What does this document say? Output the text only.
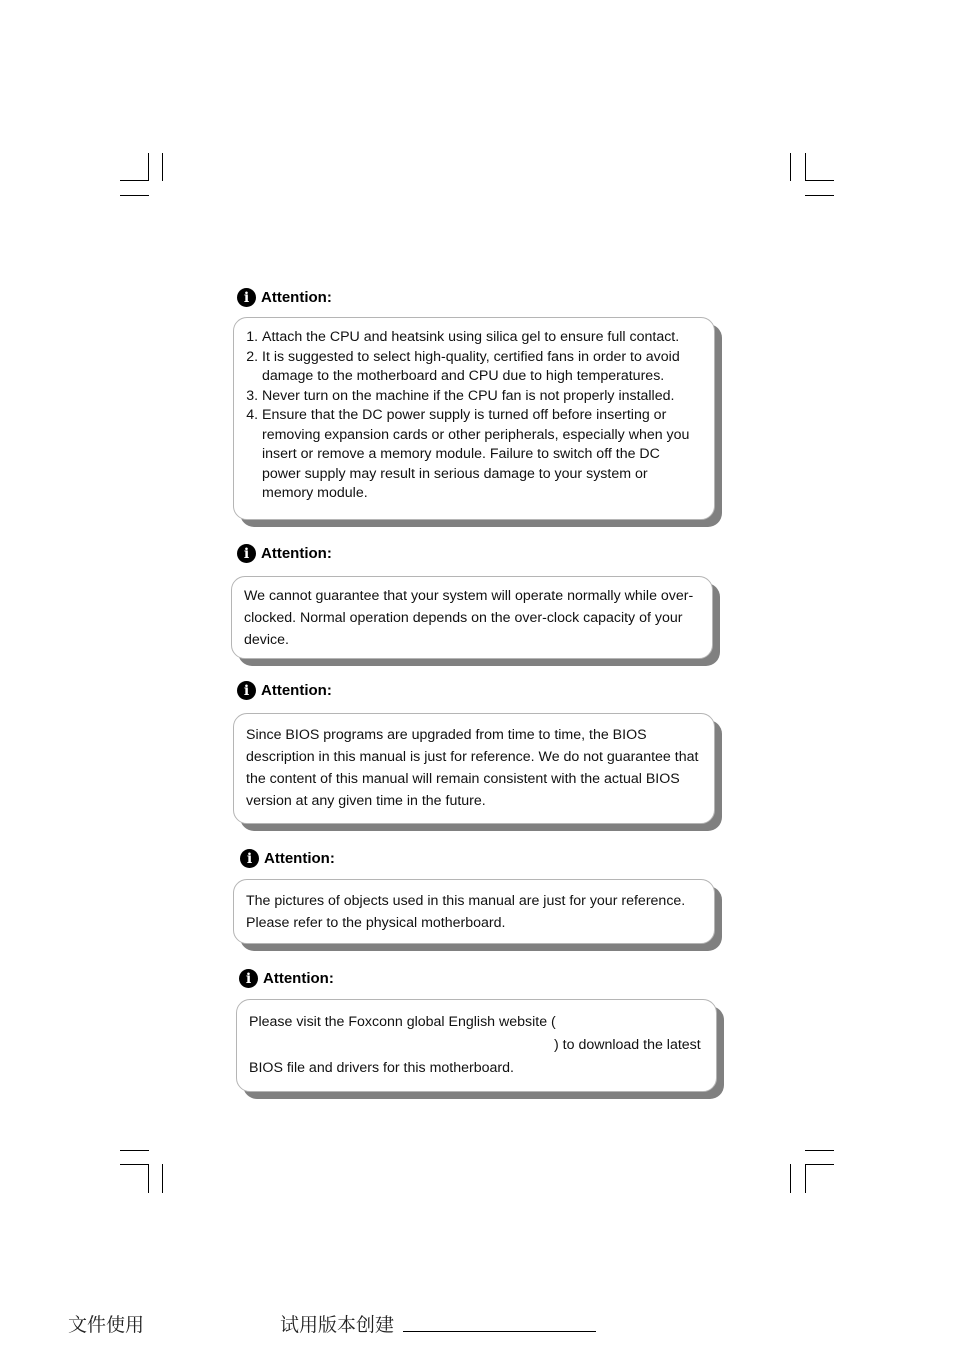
i Attention:
1. Attach the CPU and heatsink using silica gel to ensure full contact.
2. It is suggested to select high-quality, certified fans in order to avoid damage to the motherboard and CPU due to high temperatures.
3. Never turn on the machine if the CPU fan is not properly installed.
4. Ensure that the DC power supply is turned off before inserting or removing expansion cards or other peripherals, especially when you insert or remove a memory module. Failure to switch off the DC power supply may result in serious damage to your system or memory module.
i Attention:

We cannot guarantee that your system will operate normally while over-clocked. Normal operation depends on the over-clock capacity of your device.

i Attention:

Since BIOS programs are upgraded from time to time, the BIOS description in this manual is just for reference. We do not guarantee that the content of this manual will remain consistent with the actual BIOS version at any given time in the future.

i Attention:

The pictures of objects used in this manual are just for your reference. Please refer to the physical motherboard.

i Attention:

Please visit the Foxconn global English website () to download the latest BIOS file and drivers for this motherboard.

文件使用	试用版本创建
